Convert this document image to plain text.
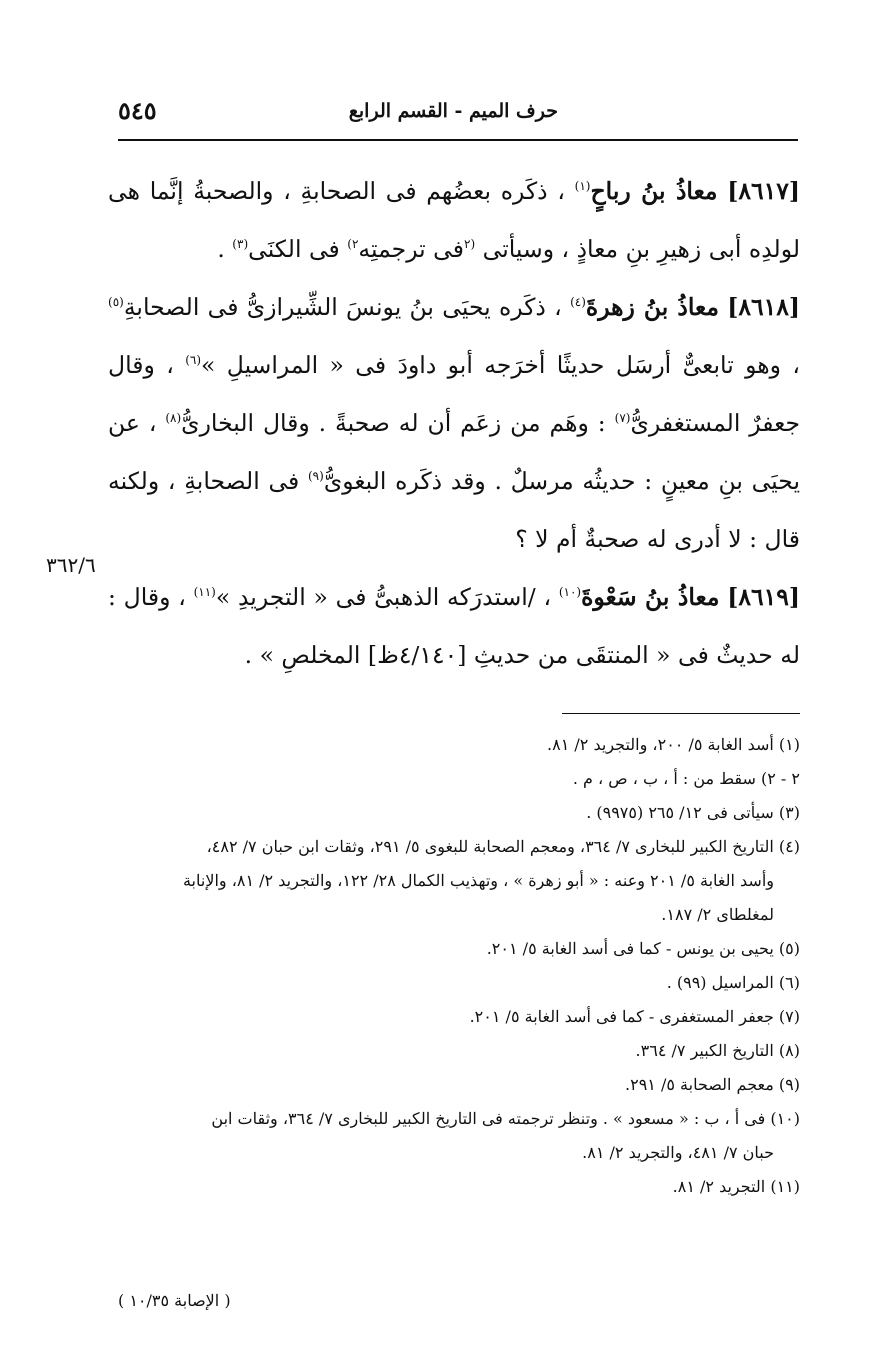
حرف الميم - القسم الرابع
٥٤٥

[٨٦١٧] معاذُ بنُ رباحٍ$^{(١)}$ ، ذكَره بعضُهم فى الصحابةِ ، والصحبةُ إنَّما هى لولدِه أبى زهيرِ بنِ معاذٍ ، وسيأتى $^{(٢}$فى ترجمتِه$^{٢)}$ فى الكنَى$^{(٣)}$ .

[٨٦١٨] معاذُ بنُ زهرةَ$^{(٤)}$ ، ذكَره يحيَى بنُ يونسَ الشِّيرازىُّ فى الصحابةِ$^{(٥)}$ ، وهو تابعىٌّ أرسَل حديثًا أخرَجه أبو داودَ فى « المراسيلِ »$^{(٦)}$ ، وقال جعفرٌ المستغفرىُّ$^{(٧)}$ : وهَم من زعَم أن له صحبةً . وقال البخارىُّ$^{(٨)}$ ، عن يحيَى بنِ معينٍ : حديثُه مرسلٌ . وقد ذكَره البغوىُّ$^{(٩)}$ فى الصحابةِ ، ولكنه قال : لا أدرى له صحبةٌ أم لا ؟

[٨٦١٩] معاذُ بنُ سَعْوةَ$^{(١٠)}$ ، /استدرَكه الذهبىُّ فى « التجريدِ »$^{(١١)}$ ، وقال : له حديثٌ فى « المنتقَى من حديثِ [٤/١٤٠ظ] المخلصِ » .

٣٦٢/٦

(١) أسد الغابة ٥/ ٢٠٠، والتجريد ٢/ ٨١.

٢ - ٢) سقط من : أ ، ب ، ص ، م .

(٣) سيأتى فى ١٢/ ٢٦٥ (٩٩٧٥) .

(٤) التاريخ الكبير للبخارى ٧/ ٣٦٤، ومعجم الصحابة للبغوى ٥/ ٢٩١، وثقات ابن حبان ٧/ ٤٨٢،

وأسد الغابة ٥/ ٢٠١ وعنه : « أبو زهرة » ، وتهذيب الكمال ٢٨/ ١٢٢، والتجريد ٢/ ٨١، والإنابة

لمغلطاى ٢/ ١٨٧.

(٥) يحيى بن يونس - كما فى أسد الغابة ٥/ ٢٠١.

(٦) المراسيل (٩٩) .

(٧) جعفر المستغفرى - كما فى أسد الغابة ٥/ ٢٠١.

(٨) التاريخ الكبير ٧/ ٣٦٤.

(٩) معجم الصحابة ٥/ ٢٩١.

(١٠) فى أ ، ب : « مسعود » . وتنظر ترجمته فى التاريخ الكبير للبخارى ٧/ ٣٦٤، وثقات ابن

حبان ٧/ ٤٨١، والتجريد ٢/ ٨١.

(١١) التجريد ٢/ ٨١.

( الإصابة ١٠/٣٥ )
